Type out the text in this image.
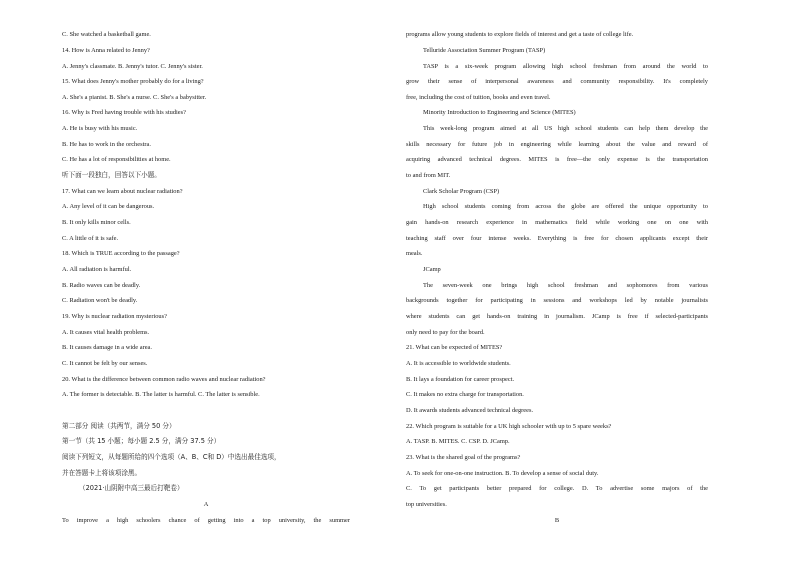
C. She watched a basketball game.
14. How is Anna related to Jenny?
A. Jenny's classmate. B. Jenny's tutor. C. Jenny's sister.
15. What does Jenny's mother probably do for a living?
A. She's a pianist. B. She's a nurse. C. She's a babysitter.
16. Why is Fred having trouble with his studies?
A. He is busy with his music.
B. He has to work in the orchestra.
C. He has a lot of responsibilities at home.
听下面一段独白，回答以下小题。
17. What can we learn about nuclear radiation?
A. Any level of it can be dangerous.
B. It only kills minor cells.
C. A little of it is safe.
18. Which is TRUE according to the passage?
A. All radiation is harmful.
B. Radio waves can be deadly.
C. Radiation won't be deadly.
19. Why is nuclear radiation mysterious?
A. It causes vital health problems.
B. It causes damage in a wide area.
C. It cannot be felt by our senses.
20. What is the difference between common radio waves and nuclear radiation?
A. The former is detectable. B. The latter is harmful. C. The latter is sensible.
第二部分 阅读（共两节，满分 50 分）
第一节（共 15 小题；每小题 2.5 分，满分 37.5 分）
阅读下列短文，从每题所给的四个选项（A、B、C和 D）中选出最佳选项，
并在答题卡上将该项涂黑。
（2021·山阴附中高三最后打靶卷）
A
To improve a high schoolers chance of getting into a top university, the summer
programs allow young students to explore fields of interest and get a taste of college life.
Telluride Association Summer Program (TASP)
TASP is a six-week program allowing high school freshman from around the world to
grow their sense of interpersonal awareness and community responsibility. It's completely
free, including the cost of tuition, books and even travel.
Minority Introduction to Engineering and Science (MITES)
This week-long program aimed at all US high school students can help them develop the
skills necessary for future job in engineering while learning about the value and reward of
acquiring advanced technical degrees. MITES is free—the only expense is the transportation
to and from MIT.
Clark Scholar Program (CSP)
High school students coming from across the globe are offered the unique opportunity to
gain hands-on research experience in mathematics field while working one on one with
teaching staff over four intense weeks. Everything is free for chosen applicants except their
meals.
JCamp
The seven-week one brings high school freshman and sophomores from various
backgrounds together for participating in sessions and workshops led by notable journalists
where students can get hands-on training in journalism. JCamp is free if selected-participants
only need to pay for the board.
21. What can be expected of MITES?
A. It is accessible to worldwide students.
B. It lays a foundation for career prospect.
C. It makes no extra charge for transportation.
D. It awards students advanced technical degrees.
22. Which program is suitable for a UK high schooler with up to 5 spare weeks?
A. TASP. B. MITES. C. CSP. D. JCamp.
23. What is the shared goal of the programs?
A. To seek for one-on-one instruction. B. To develop a sense of social duty.
C. To get participants better prepared for college. D. To advertise some majors of the
top universities.
B
